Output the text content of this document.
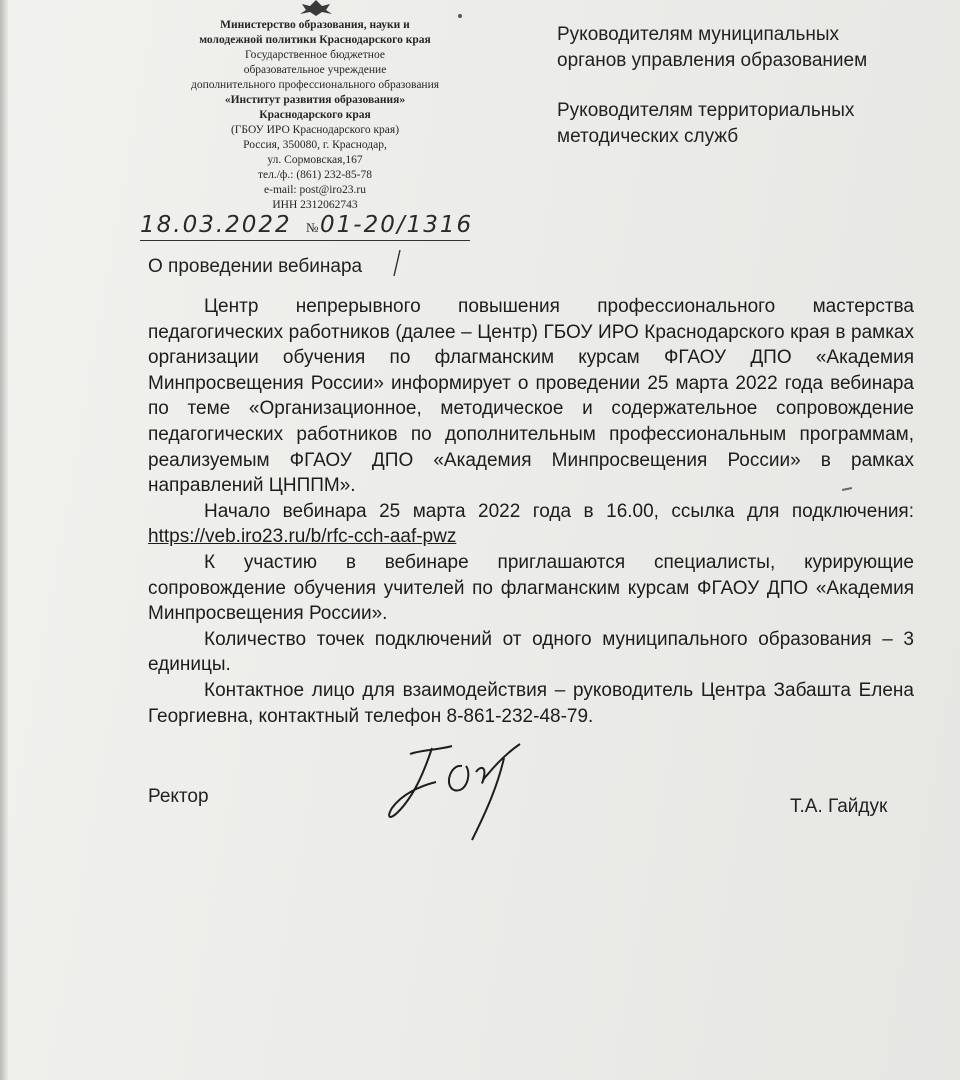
Министерство образования, науки и
молодежной политики Краснодарского края
Государственное бюджетное
образовательное учреждение
дополнительного профессионального образования
«Институт развития образования»
Краснодарского края
(ГБОУ ИРО Краснодарского края)
Россия, 350080, г. Краснодар,
ул. Сормовская,167
тел./ф.: (861) 232-85-78
e-mail: post@iro23.ru
ИНН 2312062743
Руководителям муниципальных
органов управления образованием
Руководителям территориальных
методических служб
18.03.2022 № 01-20/1316
О проведении вебинара

Центр непрерывного повышения профессионального мастерства педагогических работников (далее – Центр) ГБОУ ИРО Краснодарского края в рамках организации обучения по флагманским курсам ФГАОУ ДПО «Академия Минпросвещения России» информирует о проведении 25 марта 2022 года вебинара по теме «Организационное, методическое и содержательное сопровождение педагогических работников по дополнительным профессиональным программам, реализуемым ФГАОУ ДПО «Академия Минпросвещения России» в рамках направлений ЦНППМ».

Начало вебинара 25 марта 2022 года в 16.00, ссылка для подключения: https://veb.iro23.ru/b/rfc-cch-aaf-pwz

К участию в вебинаре приглашаются специалисты, курирующие сопровождение обучения учителей по флагманским курсам ФГАОУ ДПО «Академия Минпросвещения России».

Количество точек подключений от одного муниципального образования – 3 единицы.

Контактное лицо для взаимодействия – руководитель Центра Забашта Елена Георгиевна, контактный телефон 8-861-232-48-79.

Ректор	Т.А. Гайдук
